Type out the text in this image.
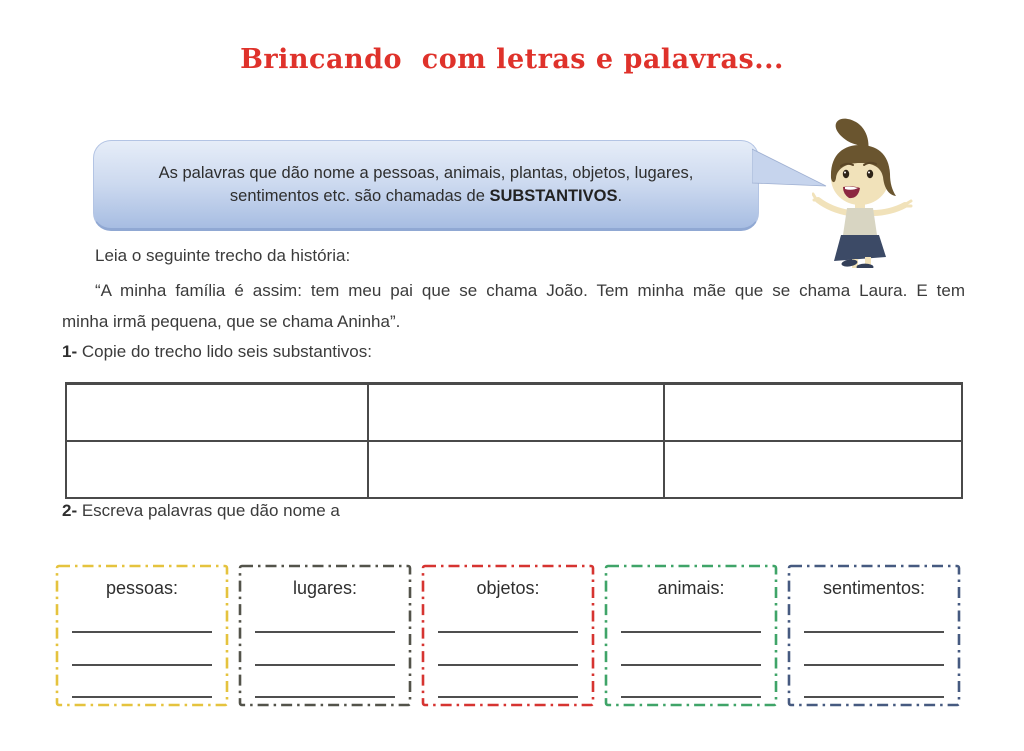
Brincando  com letras e palavras...

As palavras que dão nome a pessoas, animais, plantas, objetos, lugares,
sentimentos etc. são chamadas de SUBSTANTIVOS.

Leia o seguinte trecho da história:

“A minha família é assim: tem meu pai que se chama João. Tem minha mãe que se chama Laura. E tem

minha irmã pequena, que se chama Aninha”.

1- Copie do trecho lido seis substantivos:

2- Escreva palavras que dão nome a

pessoas:	lugares:	objetos:	animais:	sentimentos:
